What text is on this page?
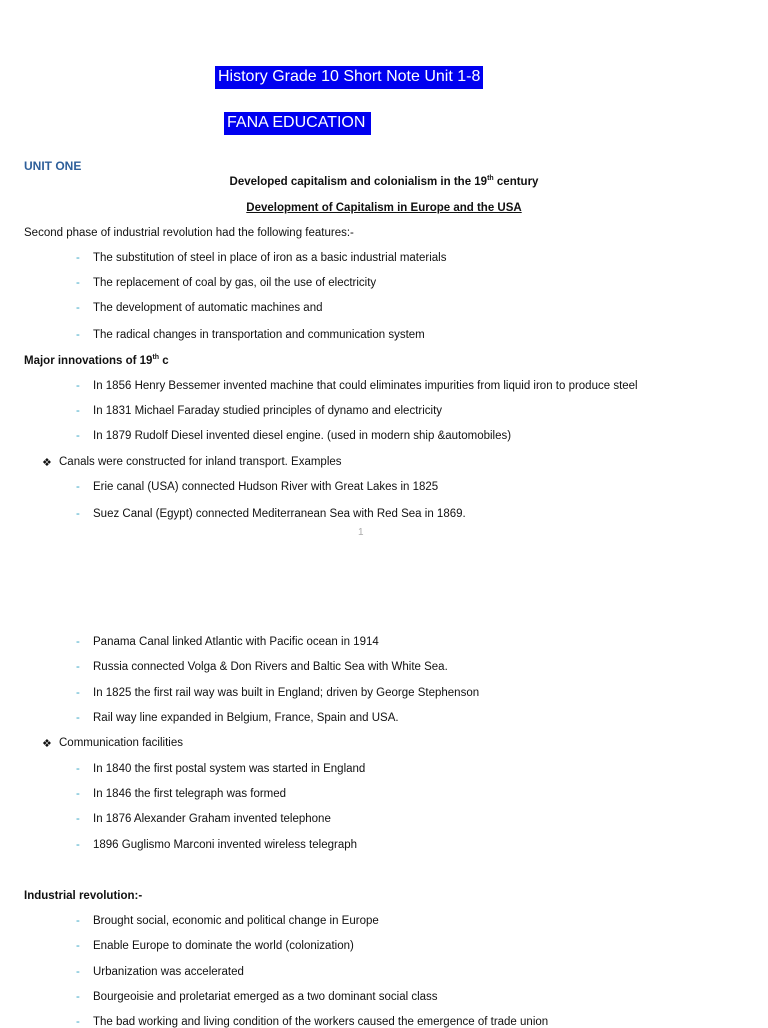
History Grade 10 Short Note Unit 1-8
FANA EDUCATION
UNIT ONE
Developed capitalism and colonialism in the 19th century
Development of Capitalism in Europe and the USA
Second phase of industrial revolution had the following features:-
- The substitution of steel in place of iron as a basic industrial materials
- The replacement of coal by gas, oil the use of electricity
- The development of automatic machines and
- The radical changes in transportation and communication system
Major innovations of 19th c
- In 1856 Henry Bessemer invented machine that could eliminates impurities from liquid iron to produce steel
- In 1831 Michael Faraday studied principles of dynamo and electricity
- In 1879 Rudolf Diesel invented diesel engine. (used in modern ship &automobiles)
❖ Canals were constructed for inland transport. Examples
- Erie canal (USA) connected Hudson River with Great Lakes in 1825
- Suez Canal (Egypt) connected Mediterranean Sea with Red Sea in 1869.
1
- Panama Canal linked Atlantic with Pacific ocean in 1914
- Russia connected Volga & Don Rivers and Baltic Sea with White Sea.
- In 1825 the first rail way was built in England; driven by George Stephenson
- Rail way line expanded in Belgium, France, Spain and USA.
❖ Communication facilities
- In 1840 the first postal system was started in England
- In 1846 the first telegraph was formed
- In 1876 Alexander Graham invented telephone
- 1896 Guglismo Marconi invented wireless telegraph
Industrial revolution:-
- Brought social, economic and political change in Europe
- Enable Europe to dominate the world (colonization)
- Urbanization was accelerated
- Bourgeoisie and proletariat emerged as a two dominant social class
- The bad working and living condition of the workers caused the emergence of trade union
